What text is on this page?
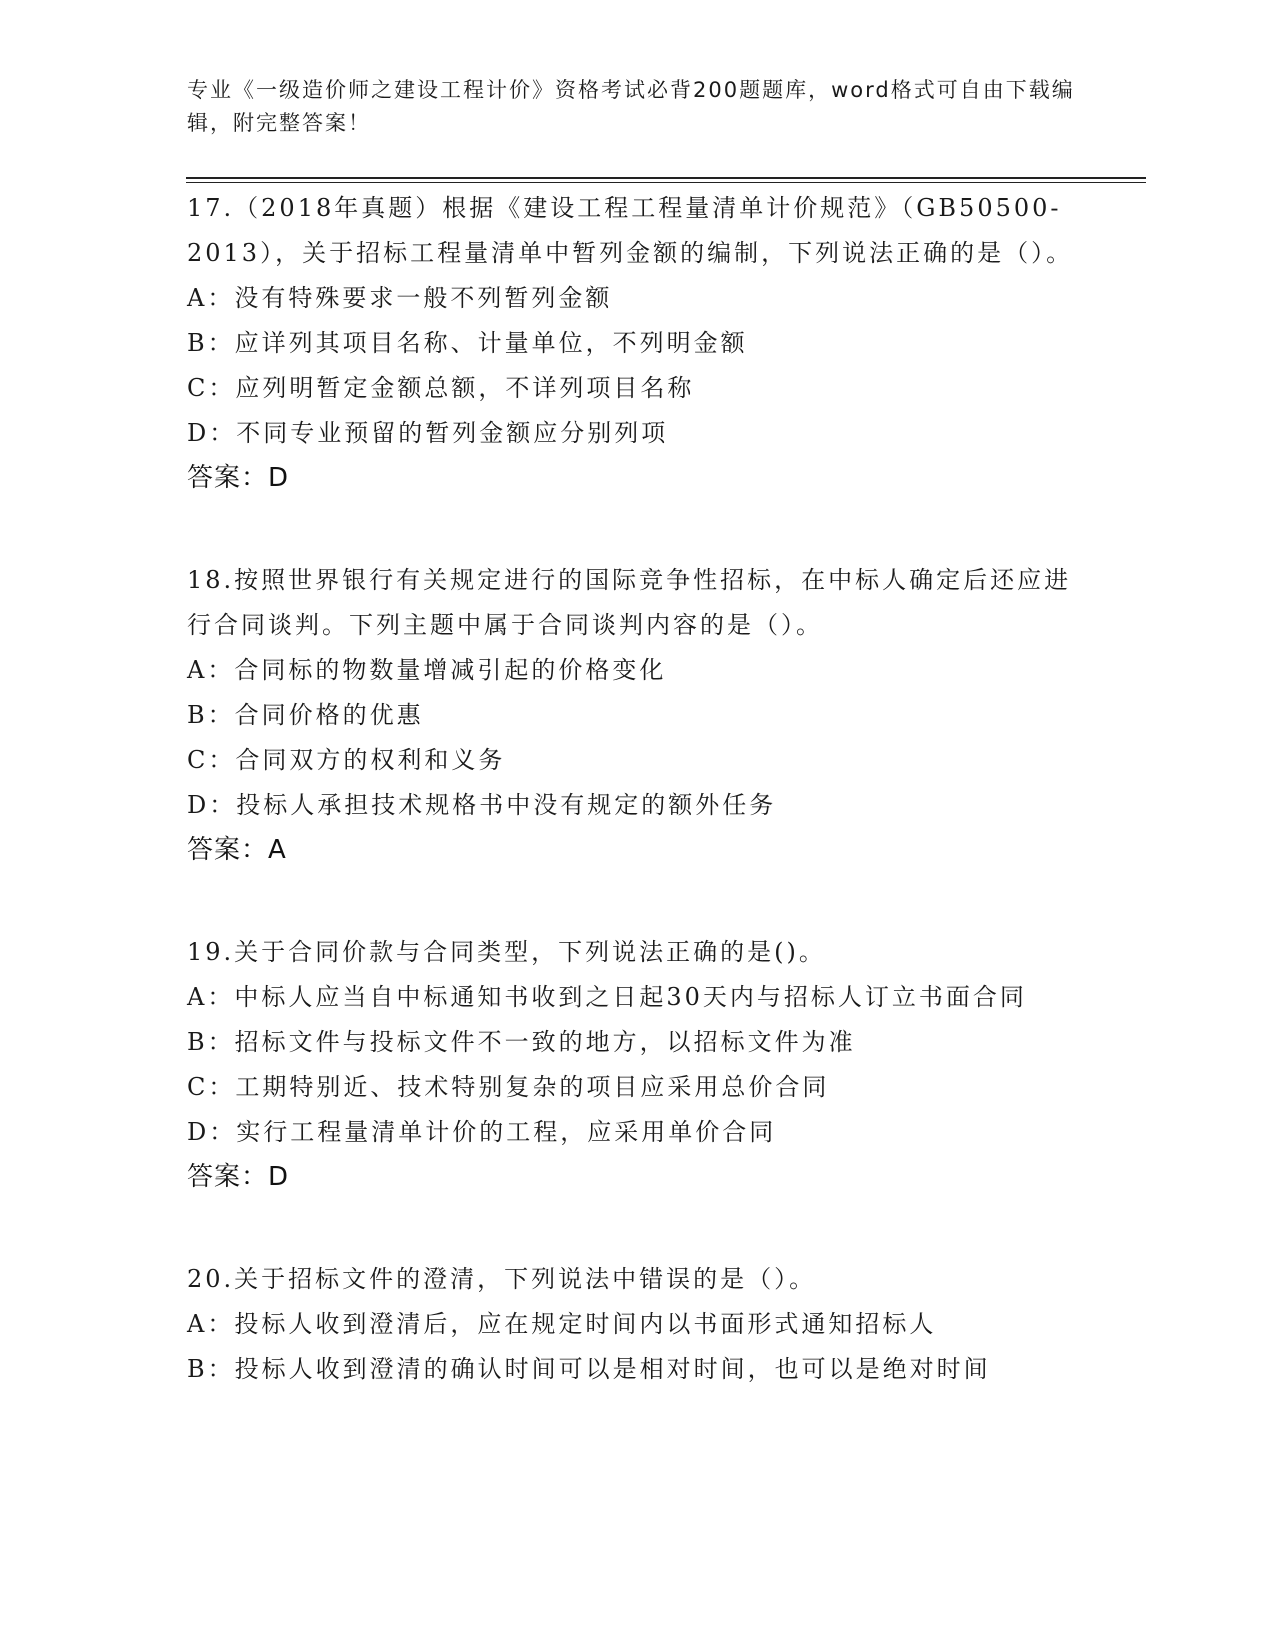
专业《一级造价师之建设工程计价》资格考试必背200题题库，word格式可自由下载编辑，附完整答案！
17.（2018年真题）根据《建设工程工程量清单计价规范》（GB50500-2013），关于招标工程量清单中暂列金额的编制，下列说法正确的是（）。
A：没有特殊要求一般不列暂列金额
B：应详列其项目名称、计量单位，不列明金额
C：应列明暂定金额总额，不详列项目名称
D：不同专业预留的暂列金额应分别列项
答案：D
18.按照世界银行有关规定进行的国际竞争性招标，在中标人确定后还应进行合同谈判。下列主题中属于合同谈判内容的是（）。
A：合同标的物数量增减引起的价格变化
B：合同价格的优惠
C：合同双方的权利和义务
D：投标人承担技术规格书中没有规定的额外任务
答案：A
19.关于合同价款与合同类型，下列说法正确的是()。
A：中标人应当自中标通知书收到之日起30天内与招标人订立书面合同
B：招标文件与投标文件不一致的地方，以招标文件为准
C：工期特别近、技术特别复杂的项目应采用总价合同
D：实行工程量清单计价的工程，应采用单价合同
答案：D
20.关于招标文件的澄清，下列说法中错误的是（）。
A：投标人收到澄清后，应在规定时间内以书面形式通知招标人
B：投标人收到澄清的确认时间可以是相对时间，也可以是绝对时间
